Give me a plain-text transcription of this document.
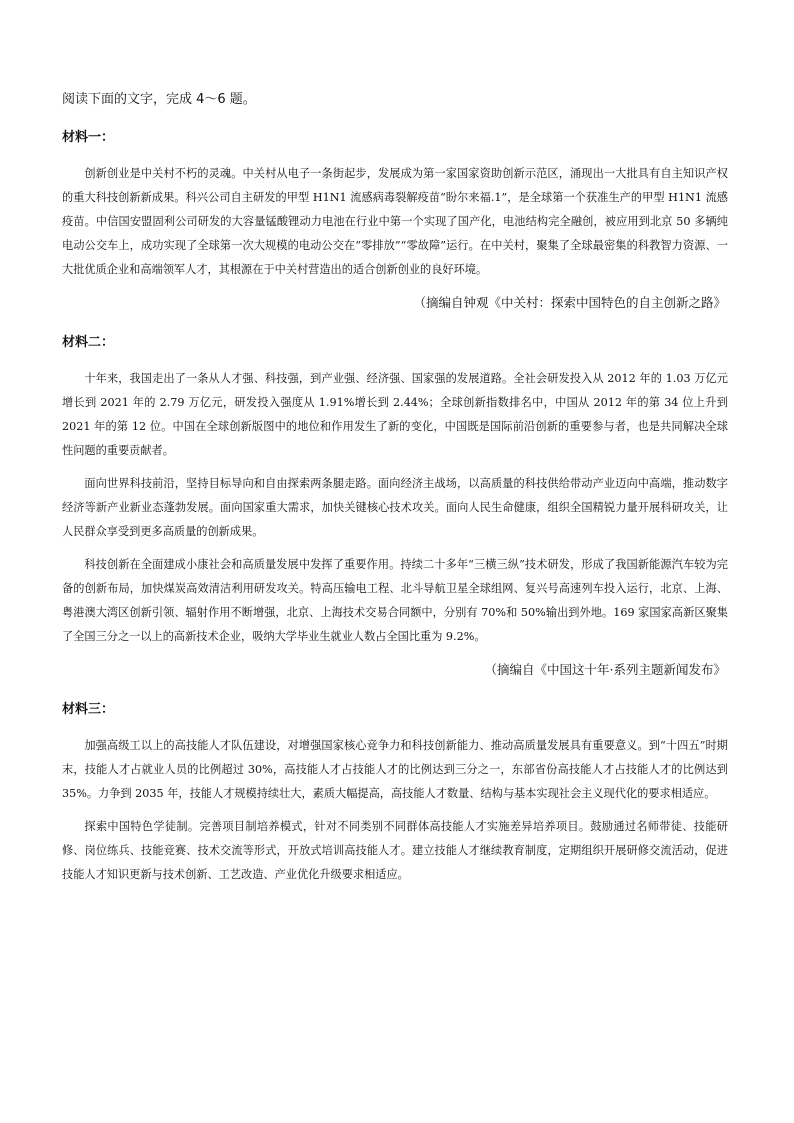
阅读下面的文字，完成 4～6 题。
材料一：

创新创业是中关村不朽的灵魂。中关村从电子一条街起步，发展成为第一家国家资助创新示范区，涌现出一大批具有自主知识产权的重大科技创新新成果。科兴公司自主研发的甲型 H1N1 流感病毒裂解疫苗“盼尔来福.1”，是全球第一个获准生产的甲型 H1N1 流感疫苗。中信国安盟固利公司研发的大容量锰酸锂动力电池在行业中第一个实现了国产化，电池结构完全融创，被应用到北京 50 多辆纯电动公交车上，成功实现了全球第一次大规模的电动公交在“零排放”“零故障”运行。在中关村，聚集了全球最密集的科教智力资源、一大批优质企业和高端领军人才，其根源在于中关村营造出的适合创新创业的良好环境。

（摘编自钟观《中关村：探索中国特色的自主创新之路》
材料二：

十年来，我国走出了一条从人才强、科技强，到产业强、经济强、国家强的发展道路。全社会研发投入从 2012 年的 1.03 万亿元增长到 2021 年的 2.79 万亿元，研发投入强度从 1.91%增长到 2.44%；全球创新指数排名中，中国从 2012 年的第 34 位上升到 2021 年的第 12 位。中国在全球创新版图中的地位和作用发生了新的变化，中国既是国际前沿创新的重要参与者，也是共同解决全球性问题的重要贡献者。

面向世界科技前沿，坚持目标导向和自由探索两条腿走路。面向经济主战场，以高质量的科技供给带动产业迈向中高端，推动数字经济等新产业新业态蓬勃发展。面向国家重大需求，加快关键核心技术攻关。面向人民生命健康，组织全国精锐力量开展科研攻关，让人民群众享受到更多高质量的创新成果。

科技创新在全面建成小康社会和高质量发展中发挥了重要作用。持续二十多年“三横三纵”技术研发，形成了我国新能源汽车较为完备的创新布局，加快煤炭高效清洁利用研发攻关。特高压输电工程、北斗导航卫星全球组网、复兴号高速列车投入运行，北京、上海、粤港澳大湾区创新引领、辐射作用不断增强，北京、上海技术交易合同额中，分别有 70%和 50%输出到外地。169 家国家高新区聚集了全国三分之一以上的高新技术企业，吸纳大学毕业生就业人数占全国比重为 9.2%。

（摘编自《中国这十年·系列主题新闻发布》
材料三：

加强高级工以上的高技能人才队伍建设，对增强国家核心竞争力和科技创新能力、推动高质量发展具有重要意义。到“十四五”时期末，技能人才占就业人员的比例超过 30%，高技能人才占技能人才的比例达到三分之一，东部省份高技能人才占技能人才的比例达到 35%。力争到 2035 年，技能人才规模持续壮大，素质大幅提高，高技能人才数量、结构与基本实现社会主义现代化的要求相适应。

探索中国特色学徒制。完善项目制培养模式，针对不同类别不同群体高技能人才实施差异培养项目。鼓励通过名师带徒、技能研修、岗位练兵、技能竞赛、技术交流等形式，开放式培训高技能人才。建立技能人才继续教育制度，定期组织开展研修交流活动，促进技能人才知识更新与技术创新、工艺改造、产业优化升级要求相适应。
